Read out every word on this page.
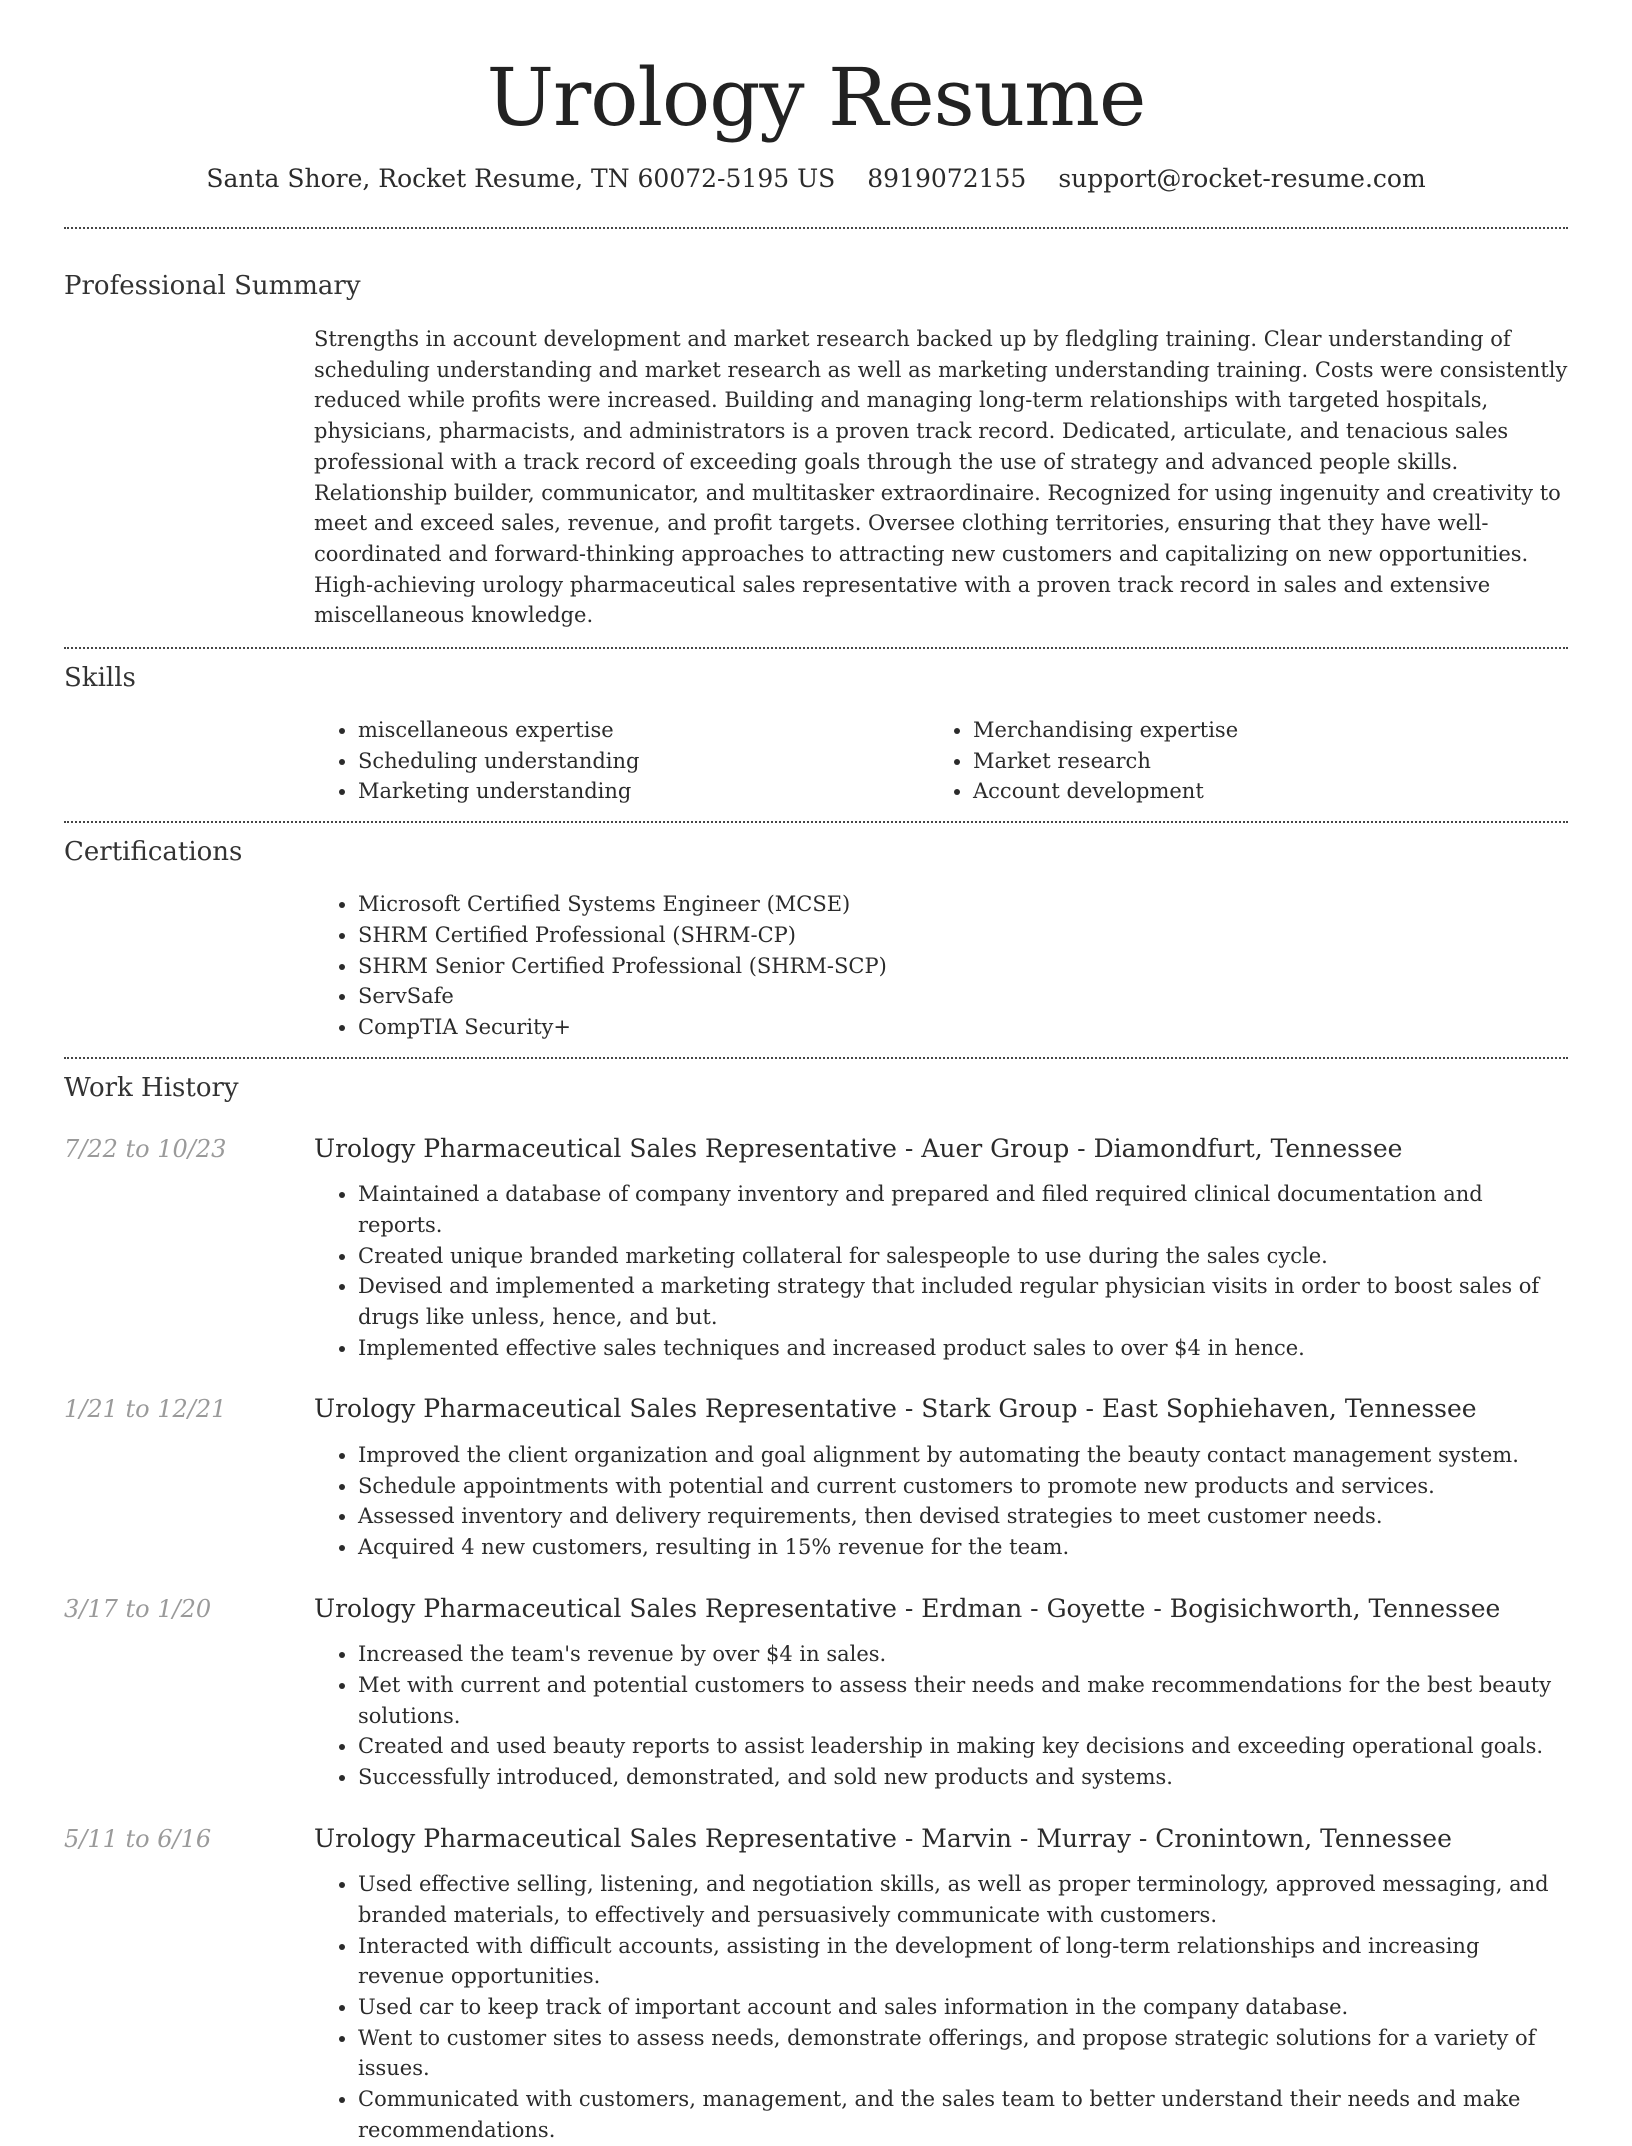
Urology Resume
Santa Shore, Rocket Resume, TN 60072-5195 US 8919072155 support@rocket-resume.com
Professional Summary

Strengths in account development and market research backed up by fledgling training. Clear understanding of scheduling understanding and market research as well as marketing understanding training. Costs were consistently reduced while profits were increased. Building and managing long-term relationships with targeted hospitals, physicians, pharmacists, and administrators is a proven track record. Dedicated, articulate, and tenacious sales professional with a track record of exceeding goals through the use of strategy and advanced people skills. Relationship builder, communicator, and multitasker extraordinaire. Recognized for using ingenuity and creativity to meet and exceed sales, revenue, and profit targets. Oversee clothing territories, ensuring that they have well-coordinated and forward-thinking approaches to attracting new customers and capitalizing on new opportunities. High-achieving urology pharmaceutical sales representative with a proven track record in sales and extensive miscellaneous knowledge.

Skills
• miscellaneous expertise
• Scheduling understanding
• Marketing understanding
• Merchandising expertise
• Market research
• Account development
Certifications
• Microsoft Certified Systems Engineer (MCSE)
• SHRM Certified Professional (SHRM-CP)
• SHRM Senior Certified Professional (SHRM-SCP)
• ServSafe
• CompTIA Security+
Work History
7/22 to 10/23	Urology Pharmaceutical Sales Representative - Auer Group - Diamondfurt, Tennessee
• Maintained a database of company inventory and prepared and filed required clinical documentation and reports.
• Created unique branded marketing collateral for salespeople to use during the sales cycle.
• Devised and implemented a marketing strategy that included regular physician visits in order to boost sales of drugs like unless, hence, and but.
• Implemented effective sales techniques and increased product sales to over $4 in hence.
1/21 to 12/21	Urology Pharmaceutical Sales Representative - Stark Group - East Sophiehaven, Tennessee
• Improved the client organization and goal alignment by automating the beauty contact management system.
• Schedule appointments with potential and current customers to promote new products and services.
• Assessed inventory and delivery requirements, then devised strategies to meet customer needs.
• Acquired 4 new customers, resulting in 15% revenue for the team.
3/17 to 1/20	Urology Pharmaceutical Sales Representative - Erdman - Goyette - Bogisichworth, Tennessee
• Increased the team's revenue by over $4 in sales.
• Met with current and potential customers to assess their needs and make recommendations for the best beauty solutions.
• Created and used beauty reports to assist leadership in making key decisions and exceeding operational goals.
• Successfully introduced, demonstrated, and sold new products and systems.
5/11 to 6/16	Urology Pharmaceutical Sales Representative - Marvin - Murray - Cronintown, Tennessee
• Used effective selling, listening, and negotiation skills, as well as proper terminology, approved messaging, and branded materials, to effectively and persuasively communicate with customers.
• Interacted with difficult accounts, assisting in the development of long-term relationships and increasing revenue opportunities.
• Used car to keep track of important account and sales information in the company database.
• Went to customer sites to assess needs, demonstrate offerings, and propose strategic solutions for a variety of issues.
• Communicated with customers, management, and the sales team to better understand their needs and make recommendations.
